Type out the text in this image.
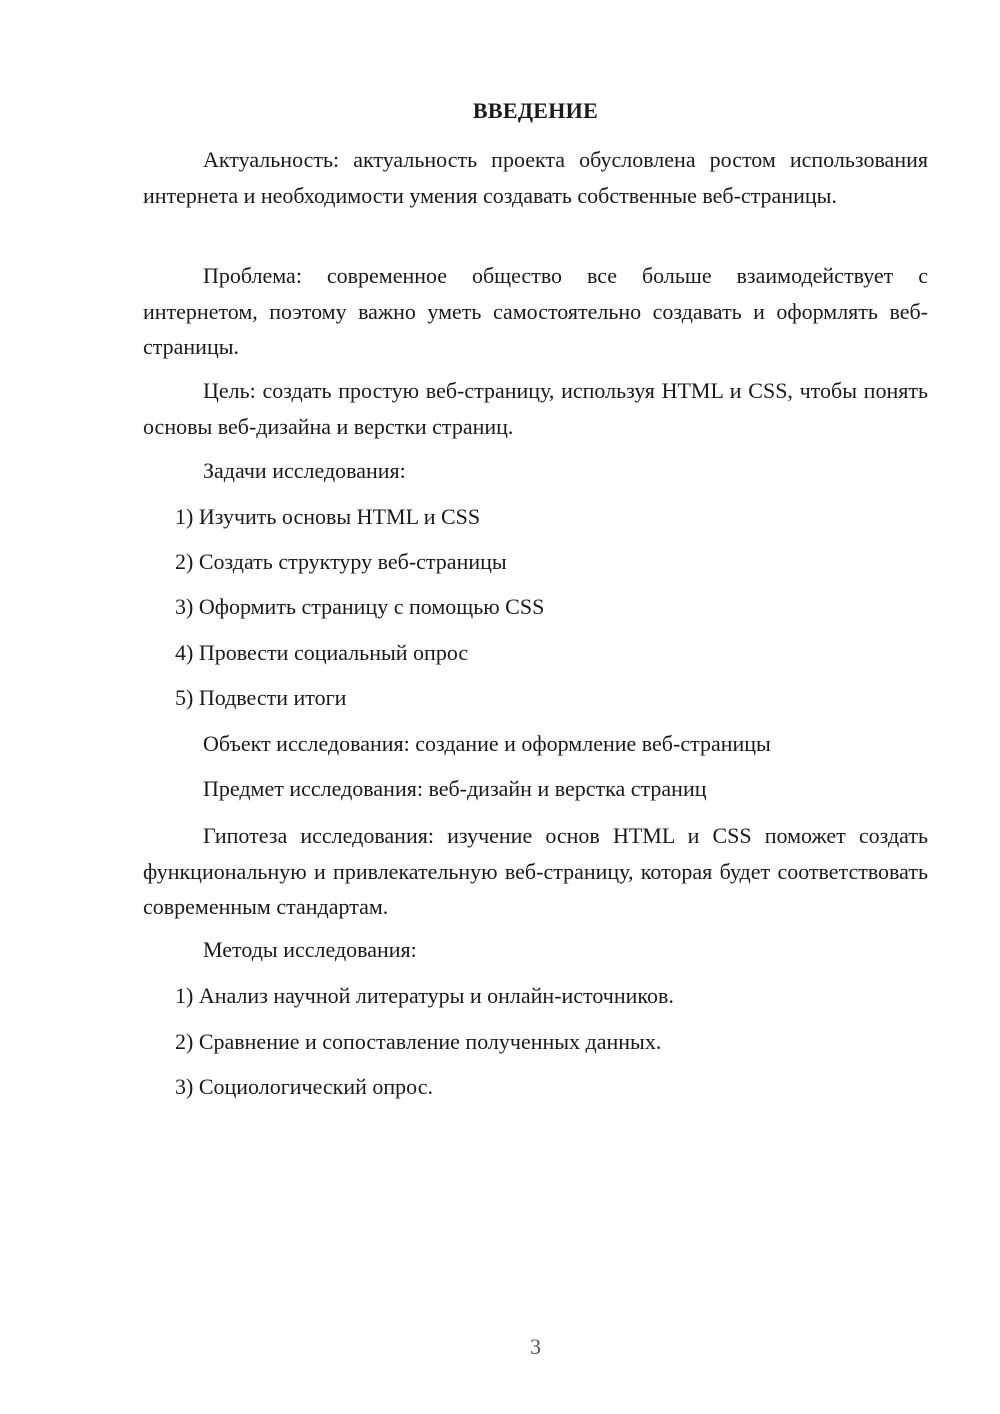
ВВЕДЕНИЕ

Актуальность: актуальность проекта обусловлена ростом использования интернета и необходимости умения создавать собственные веб-страницы.

Проблема: современное общество все больше взаимодействует с интернетом, поэтому важно уметь самостоятельно создавать и оформлять веб-страницы.

Цель: создать простую веб-страницу, используя HTML и CSS, чтобы понять основы веб-дизайна и верстки страниц.

Задачи исследования:
1) Изучить основы HTML и CSS
2) Создать структуру веб-страницы
3) Оформить страницу с помощью CSS
4) Провести социальный опрос
5) Подвести итоги
Объект исследования: создание и оформление веб-страницы
Предмет исследования: веб-дизайн и верстка страниц

Гипотеза исследования: изучение основ HTML и CSS поможет создать функциональную и привлекательную веб-страницу, которая будет соответствовать современным стандартам.

Методы исследования:
1) Анализ научной литературы и онлайн-источников.
2) Сравнение и сопоставление полученных данных.
3) Социологический опрос.
3
